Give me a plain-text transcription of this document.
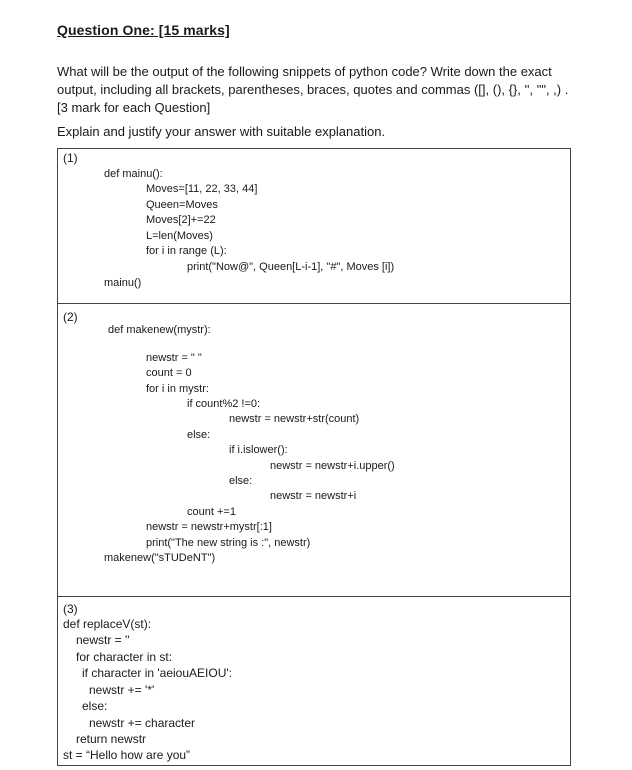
Question One: [15 marks]
What will be the output of the following snippets of python code? Write down the exact
output, including all brackets, parentheses, braces, quotes and commas ([], (), {}, '', "", ,) .
[3 mark for each Question]
Explain and justify your answer with suitable explanation.
(1)
def mainu():
Moves=[11, 22, 33, 44]
Queen=Moves
Moves[2]+=22
L=len(Moves)
for i in range (L):
print("Now@", Queen[L-i-1], "#", Moves [i])
mainu()
(2)
def makenew(mystr):
newstr = " "
count = 0
for i in mystr:
if count%2 !=0:
newstr = newstr+str(count)
else:
if i.islower():
newstr = newstr+i.upper()
else:
newstr = newstr+i
count +=1
newstr = newstr+mystr[:1]
print("The new string is :", newstr)
makenew("sTUDeNT")
(3)
def replaceV(st):
newstr = ''
for character in st:
if character in 'aeiouAEIOU':
newstr += '*'
else:
newstr += character
return newstr
st = “Hello how are you”
